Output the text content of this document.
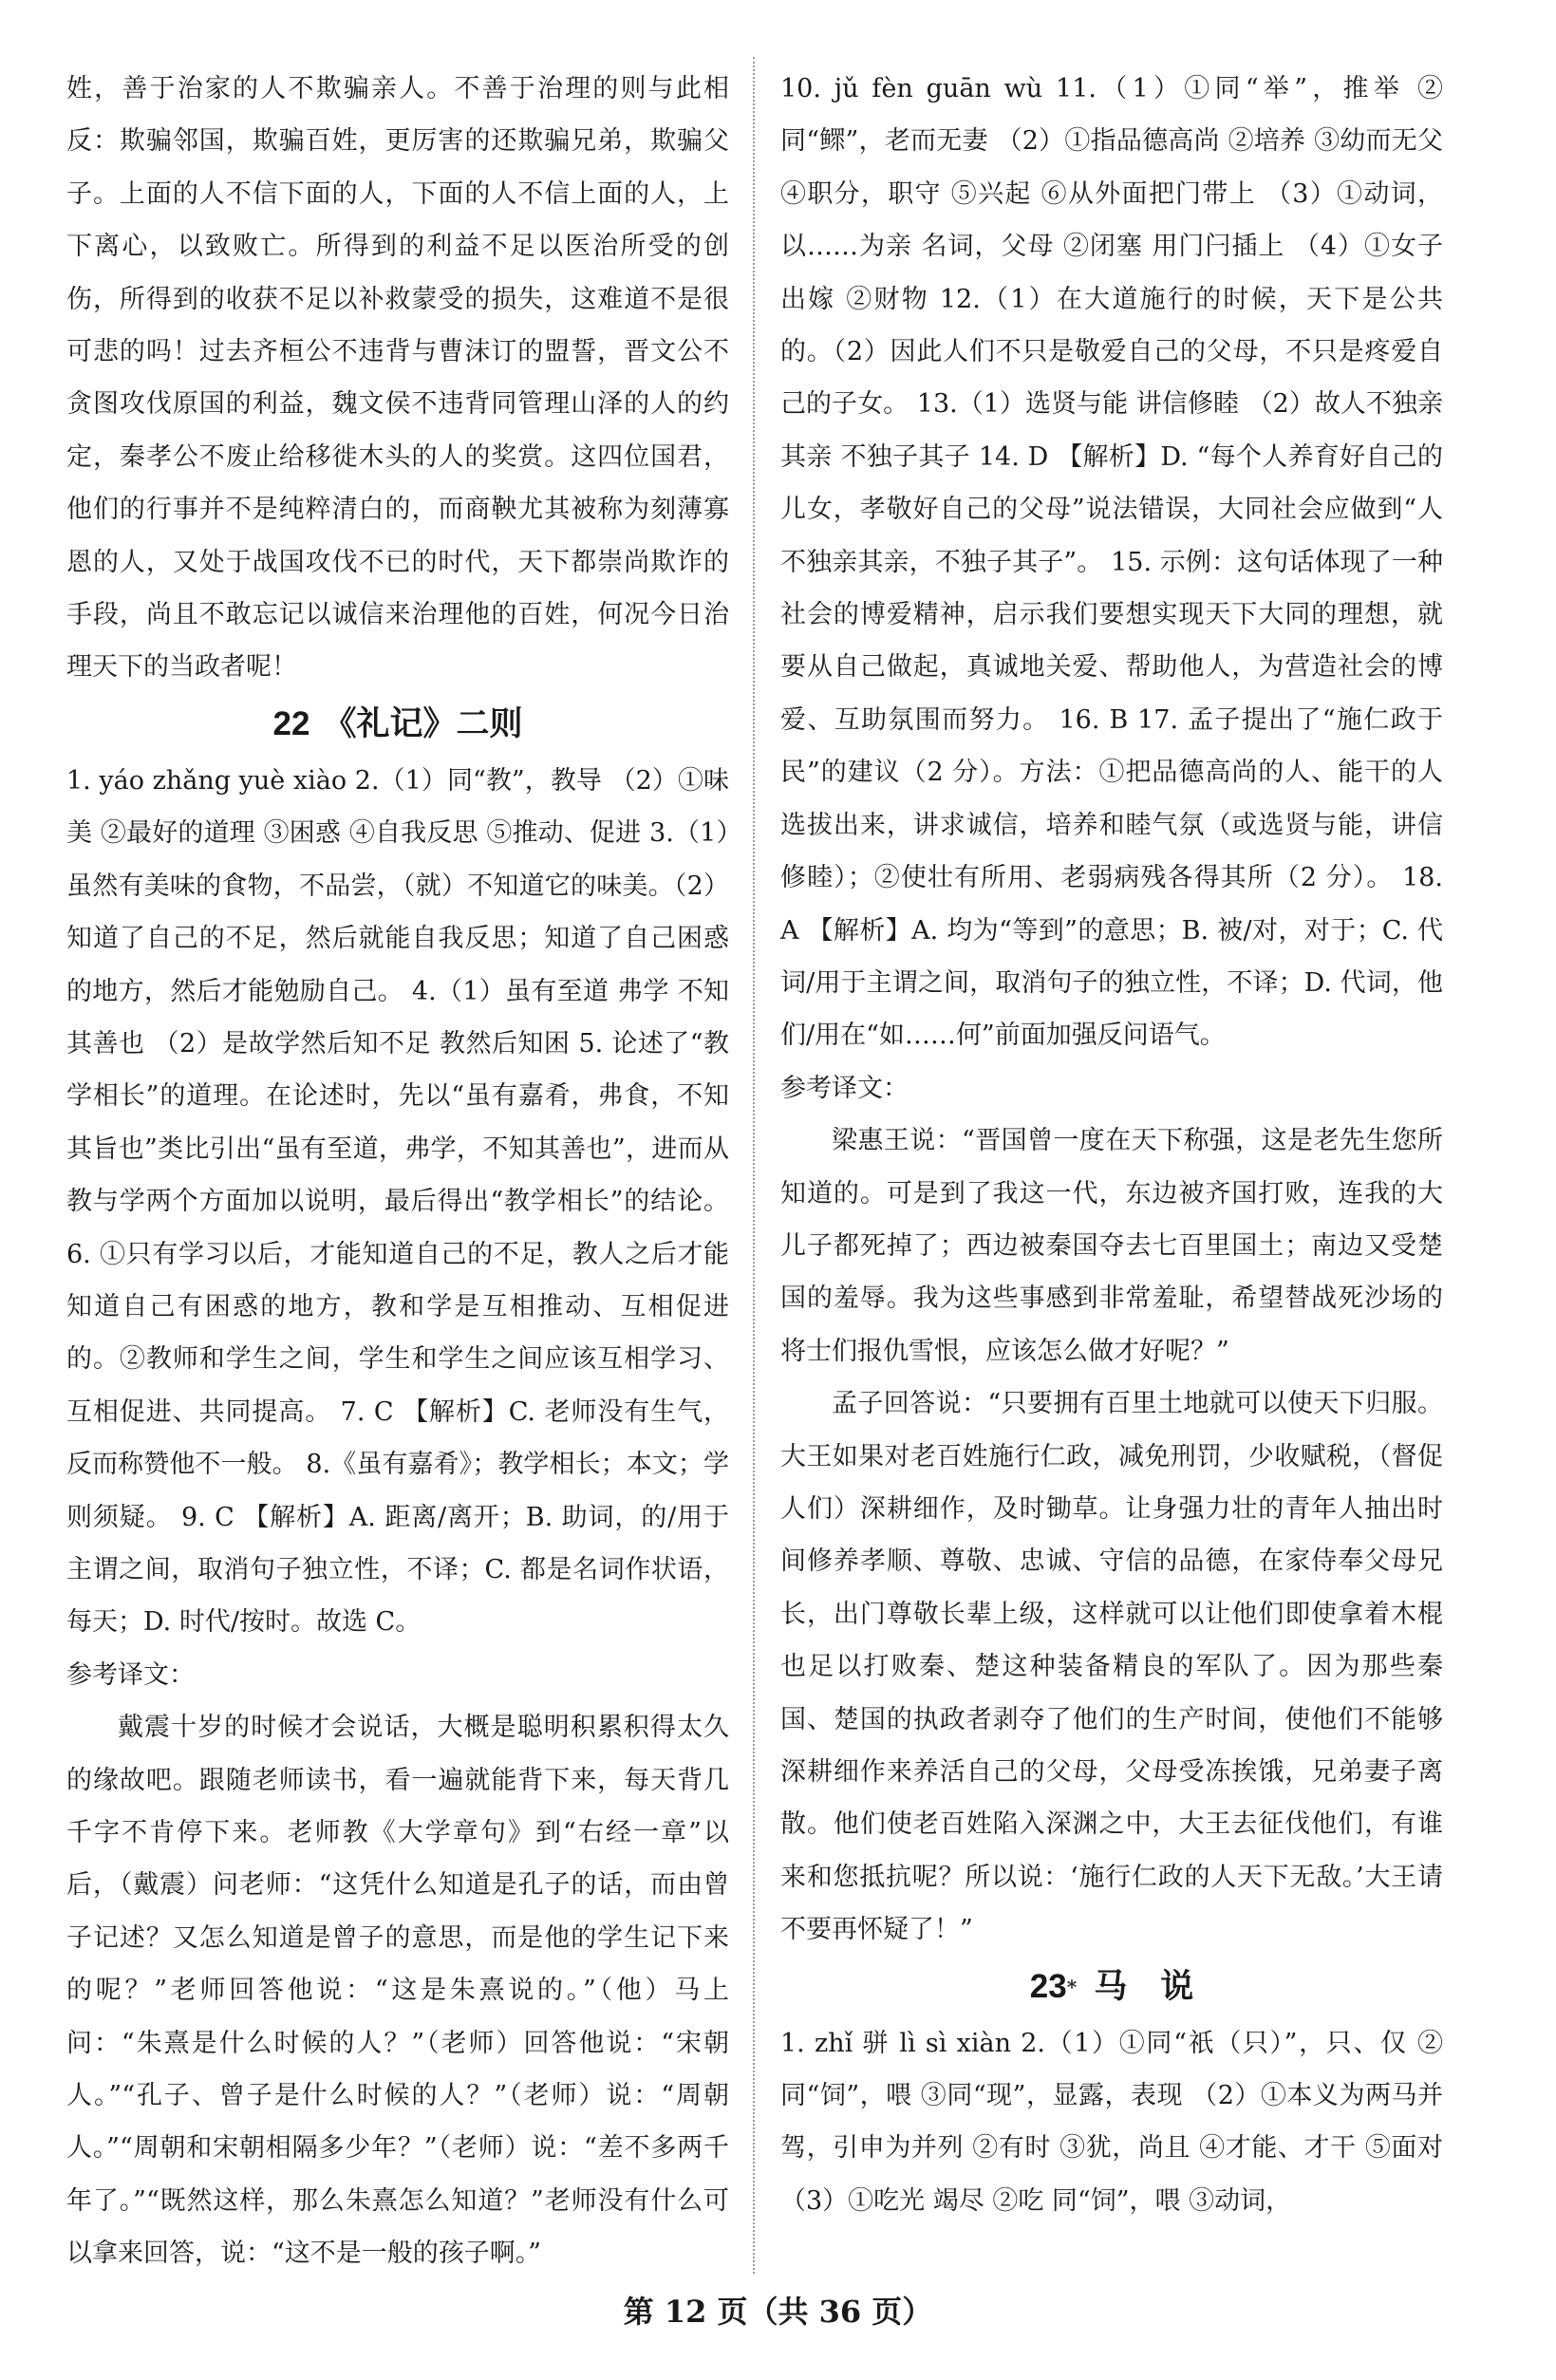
姓，善于治家的人不欺骗亲人。不善于治理的则与此相反：欺骗邻国，欺骗百姓，更厉害的还欺骗兄弟，欺骗父子。上面的人不信下面的人，下面的人不信上面的人，上下离心，以致败亡。所得到的利益不足以医治所受的创伤，所得到的收获不足以补救蒙受的损失，这难道不是很可悲的吗！过去齐桓公不违背与曹沫订的盟誓，晋文公不贪图攻伐原国的利益，魏文侯不违背同管理山泽的人的约定，秦孝公不废止给移徙木头的人的奖赏。这四位国君，他们的行事并不是纯粹清白的，而商鞅尤其被称为刻薄寡恩的人，又处于战国攻伐不已的时代，天下都崇尚欺诈的手段，尚且不敢忘记以诚信来治理他的百姓，何况今日治理天下的当政者呢！

22 《礼记》二则

1. yáo zhǎng yuè xiào 2.（1）同“教”，教导 （2）①味美 ②最好的道理 ③困惑 ④自我反思 ⑤推动、促进 3.（1）虽然有美味的食物，不品尝，（就）不知道它的味美。（2）知道了自己的不足，然后就能自我反思；知道了自己困惑的地方，然后才能勉励自己。 4.（1）虽有至道 弗学 不知其善也 （2）是故学然后知不足 教然后知困 5. 论述了“教学相长”的道理。在论述时，先以“虽有嘉肴，弗食，不知其旨也”类比引出“虽有至道，弗学，不知其善也”，进而从教与学两个方面加以说明，最后得出“教学相长”的结论。 6. ①只有学习以后，才能知道自己的不足，教人之后才能知道自己有困惑的地方，教和学是互相推动、互相促进的。②教师和学生之间，学生和学生之间应该互相学习、互相促进、共同提高。 7. C 【解析】C. 老师没有生气，反而称赞他不一般。 8.《虽有嘉肴》；教学相长；本文；学则须疑。 9. C 【解析】A. 距离/离开；B. 助词，的/用于主谓之间，取消句子独立性，不译；C. 都是名词作状语，每天；D. 时代/按时。故选 C。

参考译文：

戴震十岁的时候才会说话，大概是聪明积累积得太久的缘故吧。跟随老师读书，看一遍就能背下来，每天背几千字不肯停下来。老师教《大学章句》到“右经一章”以后，（戴震）问老师：“这凭什么知道是孔子的话，而由曾子记述？又怎么知道是曾子的意思，而是他的学生记下来的呢？”老师回答他说：“这是朱熹说的。”（他）马上问：“朱熹是什么时候的人？”（老师）回答他说：“宋朝人。”“孔子、曾子是什么时候的人？”（老师）说：“周朝人。”“周朝和宋朝相隔多少年？”（老师）说：“差不多两千年了。”“既然这样，那么朱熹怎么知道？”老师没有什么可以拿来回答，说：“这不是一般的孩子啊。”

10. jǔ fèn guān wù 11.（1）①同“举”，推举 ②同“鳏”，老而无妻 （2）①指品德高尚 ②培养 ③幼而无父 ④职分，职守 ⑤兴起 ⑥从外面把门带上 （3）①动词，以……为亲 名词，父母 ②闭塞 用门闩插上 （4）①女子出嫁 ②财物 12.（1）在大道施行的时候，天下是公共的。（2）因此人们不只是敬爱自己的父母，不只是疼爱自己的子女。 13.（1）选贤与能 讲信修睦 （2）故人不独亲其亲 不独子其子 14. D 【解析】D. “每个人养育好自己的儿女，孝敬好自己的父母”说法错误，大同社会应做到“人不独亲其亲，不独子其子”。 15. 示例：这句话体现了一种社会的博爱精神，启示我们要想实现天下大同的理想，就要从自己做起，真诚地关爱、帮助他人，为营造社会的博爱、互助氛围而努力。 16. B 17. 孟子提出了“施仁政于民”的建议（2 分）。方法：①把品德高尚的人、能干的人选拔出来，讲求诚信，培养和睦气氛（或选贤与能，讲信修睦）；②使壮有所用、老弱病残各得其所（2 分）。 18. A 【解析】A. 均为“等到”的意思；B. 被/对，对于；C. 代词/用于主谓之间，取消句子的独立性，不译；D. 代词，他们/用在“如……何”前面加强反问语气。

参考译文：

梁惠王说：“晋国曾一度在天下称强，这是老先生您所知道的。可是到了我这一代，东边被齐国打败，连我的大儿子都死掉了；西边被秦国夺去七百里国土；南边又受楚国的羞辱。我为这些事感到非常羞耻，希望替战死沙场的将士们报仇雪恨，应该怎么做才好呢？”

孟子回答说：“只要拥有百里土地就可以使天下归服。大王如果对老百姓施行仁政，减免刑罚，少收赋税，（督促人们）深耕细作，及时锄草。让身强力壮的青年人抽出时间修养孝顺、尊敬、忠诚、守信的品德，在家侍奉父母兄长，出门尊敬长辈上级，这样就可以让他们即使拿着木棍也足以打败秦、楚这种装备精良的军队了。因为那些秦国、楚国的执政者剥夺了他们的生产时间，使他们不能够深耕细作来养活自己的父母，父母受冻挨饿，兄弟妻子离散。他们使老百姓陷入深渊之中，大王去征伐他们，有谁来和您抵抗呢？所以说：‘施行仁政的人天下无敌。’大王请不要再怀疑了！”

23* 马　说

1. zhǐ 骈 lì sì xiàn 2.（1）①同“祇（只）”，只、仅 ②同“饲”，喂 ③同“现”，显露，表现 （2）①本义为两马并驾，引申为并列 ②有时 ③犹，尚且 ④才能、才干 ⑤面对 （3）①吃光 竭尽 ②吃 同“饲”，喂 ③动词，

第 12 页（共 36 页）
